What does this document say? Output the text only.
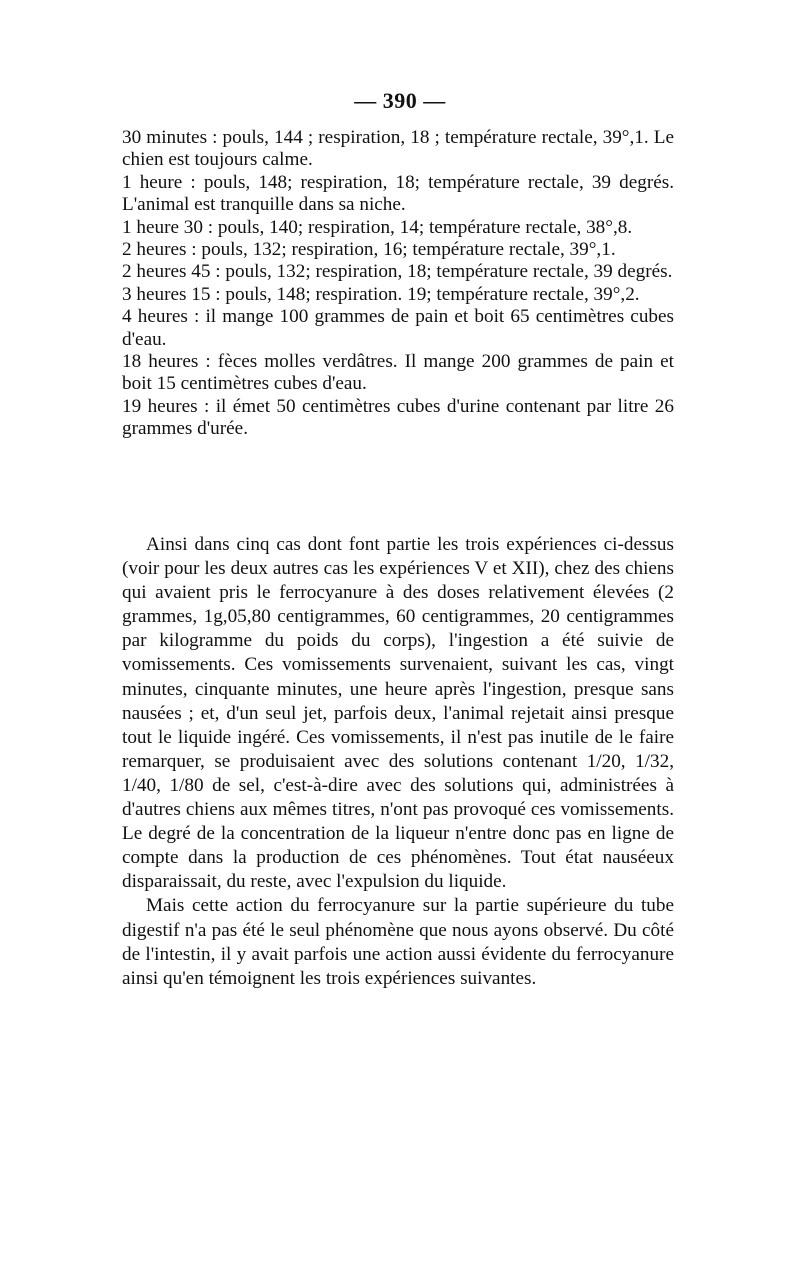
— 390 —

30 minutes : pouls, 144 ; respiration, 18 ; température rectale, 39°,1. Le chien est toujours calme.

1 heure : pouls, 148; respiration, 18; température rectale, 39 degrés. L'animal est tranquille dans sa niche.

1 heure 30 : pouls, 140; respiration, 14; température rectale, 38°,8.

2 heures : pouls, 132; respiration, 16; température rectale, 39°,1.

2 heures 45 : pouls, 132; respiration, 18; température rectale, 39 degrés.

3 heures 15 : pouls, 148; respiration. 19; température rectale, 39°,2.

4 heures : il mange 100 grammes de pain et boit 65 centimètres cubes d'eau.

18 heures : fèces molles verdâtres. Il mange 200 grammes de pain et boit 15 centimètres cubes d'eau.

19 heures : il émet 50 centimètres cubes d'urine contenant par litre 26 grammes d'urée.

Ainsi dans cinq cas dont font partie les trois expériences ci-dessus (voir pour les deux autres cas les expériences V et XII), chez des chiens qui avaient pris le ferrocyanure à des doses relativement élevées (2 grammes, 1g,05,80 centigrammes, 60 centigrammes, 20 centigrammes par kilogramme du poids du corps), l'ingestion a été suivie de vomissements. Ces vomissements survenaient, suivant les cas, vingt minutes, cinquante minutes, une heure après l'ingestion, presque sans nausées ; et, d'un seul jet, parfois deux, l'animal rejetait ainsi presque tout le liquide ingéré. Ces vomissements, il n'est pas inutile de le faire remarquer, se produisaient avec des solutions contenant 1/20, 1/32, 1/40, 1/80 de sel, c'est-à-dire avec des solutions qui, administrées à d'autres chiens aux mêmes titres, n'ont pas provoqué ces vomissements. Le degré de la concentration de la liqueur n'entre donc pas en ligne de compte dans la production de ces phénomènes. Tout état nauséeux disparaissait, du reste, avec l'expulsion du liquide.

Mais cette action du ferrocyanure sur la partie supérieure du tube digestif n'a pas été le seul phénomène que nous ayons observé. Du côté de l'intestin, il y avait parfois une action aussi évidente du ferrocyanure ainsi qu'en témoignent les trois expériences suivantes.
